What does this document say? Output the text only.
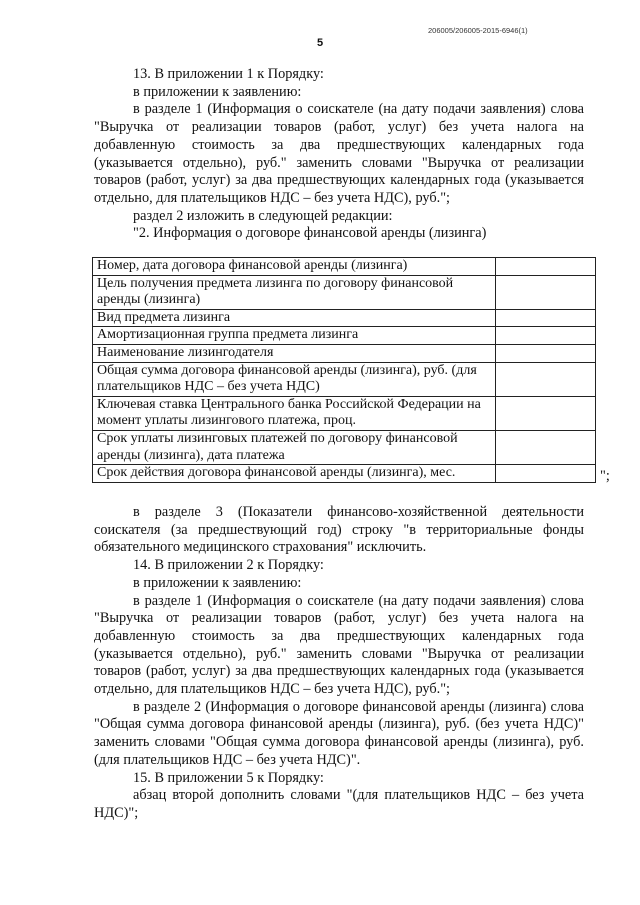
206005/206005-2015-6946(1)
5

13. В приложении 1 к Порядку:

в приложении к заявлению:

в разделе 1 (Информация о соискателе (на дату подачи заявления) слова "Выручка от реализации товаров (работ, услуг) без учета налога на добавленную стоимость за два предшествующих календарных года (указывается отдельно), руб." заменить словами "Выручка от реализации товаров (работ, услуг) за два предшествующих календарных года (указывается отдельно, для плательщиков НДС – без учета НДС), руб.";

раздел 2 изложить в следующей редакции:

"2. Информация о договоре финансовой аренды (лизинга)

Номер, дата договора финансовой аренды (лизинга)	
Цель получения предмета лизинга по договору финансовой аренды (лизинга)	
Вид предмета лизинга	
Амортизационная группа предмета лизинга	
Наименование лизингодателя	
Общая сумма договора финансовой аренды (лизинга), руб. (для плательщиков НДС – без учета НДС)	
Ключевая ставка Центрального банка Российской Федерации на момент уплаты лизингового платежа, проц.	
Срок уплаты лизинговых платежей по договору финансовой аренды (лизинга), дата платежа	
Срок действия договора финансовой аренды (лизинга), мес.		";

в разделе 3 (Показатели финансово-хозяйственной деятельности соискателя (за предшествующий год) строку "в территориальные фонды обязательного медицинского страхования" исключить.

14. В приложении 2 к Порядку:

в приложении к заявлению:

в разделе 1 (Информация о соискателе (на дату подачи заявления) слова "Выручка от реализации товаров (работ, услуг) без учета налога на добавленную стоимость за два предшествующих календарных года (указывается отдельно), руб." заменить словами "Выручка от реализации товаров (работ, услуг) за два предшествующих календарных года (указывается отдельно, для плательщиков НДС – без учета НДС), руб.";

в разделе 2 (Информация о договоре финансовой аренды (лизинга) слова "Общая сумма договора финансовой аренды (лизинга), руб. (без учета НДС)" заменить словами "Общая сумма договора финансовой аренды (лизинга), руб. (для плательщиков НДС – без учета НДС)".

15. В приложении 5 к Порядку:

абзац второй дополнить словами "(для плательщиков НДС – без учета НДС)";
